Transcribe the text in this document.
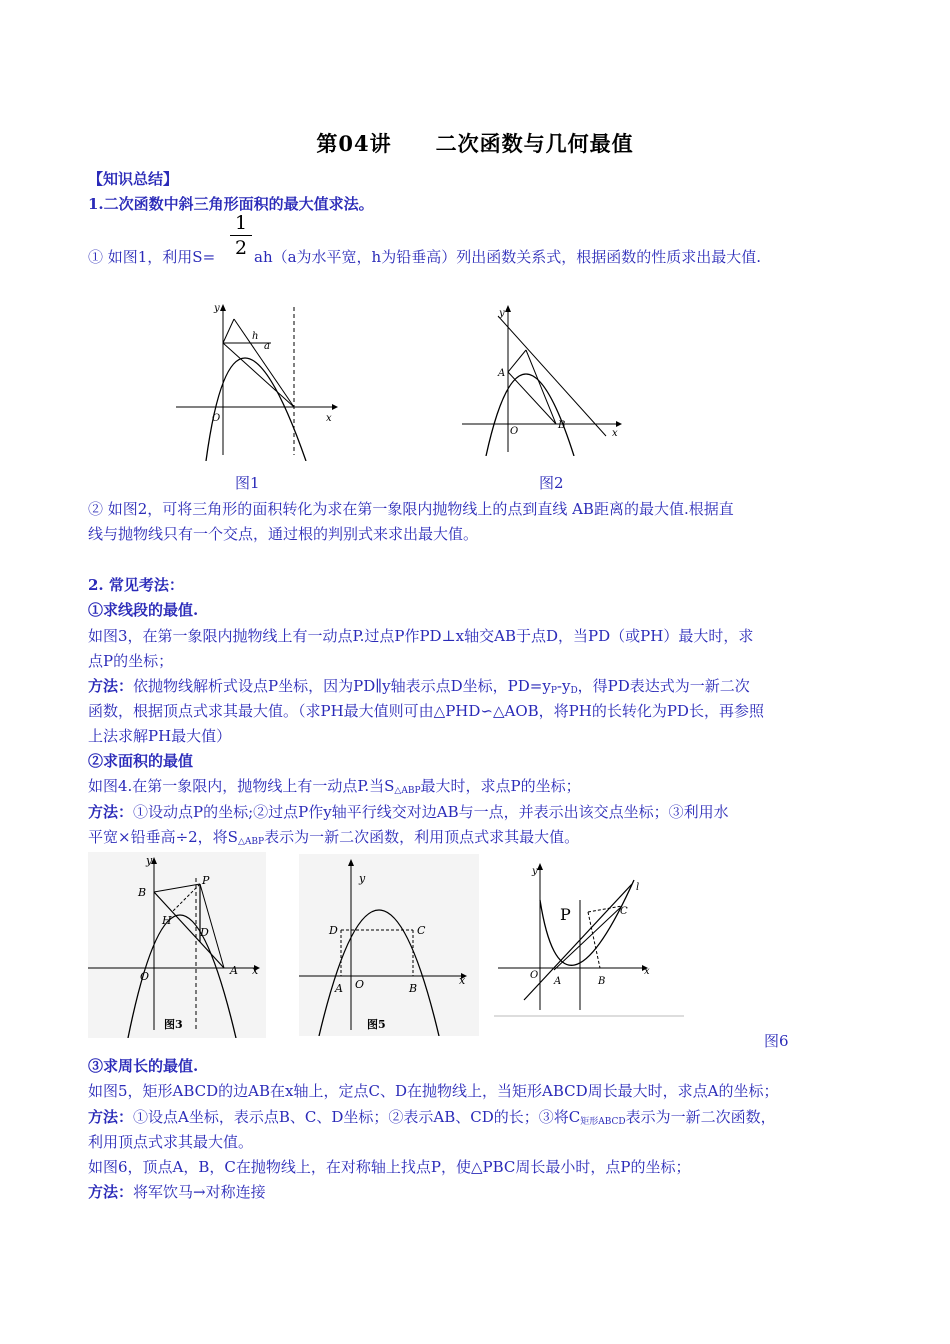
第04讲 二次函数与几何最值
【知识总结】
1.二次函数中斜三角形面积的最大值求法。
1
2
① 如图1，利用S=	ah（a为水平宽，h为铅垂高）列出函数关系式，根据函数的性质求出最大值.
y
x
O
h
a
y
x
O
A
B
图1	图2
② 如图2，可将三角形的面积转化为求在第一象限内抛物线上的点到直线 AB距离的最大值.根据直
线与抛物线只有一个交点，通过根的判别式来求出最大值。
2. 常见考法：
①求线段的最值.
如图3，在第一象限内抛物线上有一动点P.过点P作PD⊥x轴交AB于点D，当PD（或PH）最大时，求
点P的坐标；
方法：依抛物线解析式设点P坐标，因为PD∥y轴表示点D坐标，$PD=y_P-y_D$，得PD表达式为一新二次
函数，根据顶点式求其最大值。（求PH最大值则可由△PHD∽△AOB，将PH的长转化为PD长，再参照
上法求解PH最大值）
②求面积的最值
如图4.在第一象限内，抛物线上有一动点P.当$S_{\triangle ABP}$最大时，求点P的坐标；
方法：①设动点P的坐标;②过点P作y轴平行线交对边AB与一点，并表示出该交点坐标；③利用水
平宽×铅垂高÷2，将$S_{\triangle ABP}$表示为一新二次函数，利用顶点式求其最大值。
y
x
O
B
P
H
D
A
图3
y
x
O
D	C
A	B
图5
y
x
O
A	B
C
P
l
图6
③求周长的最值.
如图5，矩形ABCD的边AB在x轴上，定点C、D在抛物线上，当矩形ABCD周长最大时，求点A的坐标；
方法：①设点A坐标，表示点B、C、D坐标；②表示AB、CD的长；③将$C_{矩形ABCD}$表示为一新二次函数，
利用顶点式求其最大值。
如图6，顶点A，B，C在抛物线上，在对称轴上找点P，使△PBC周长最小时，点P的坐标；
方法：将军饮马→对称连接
